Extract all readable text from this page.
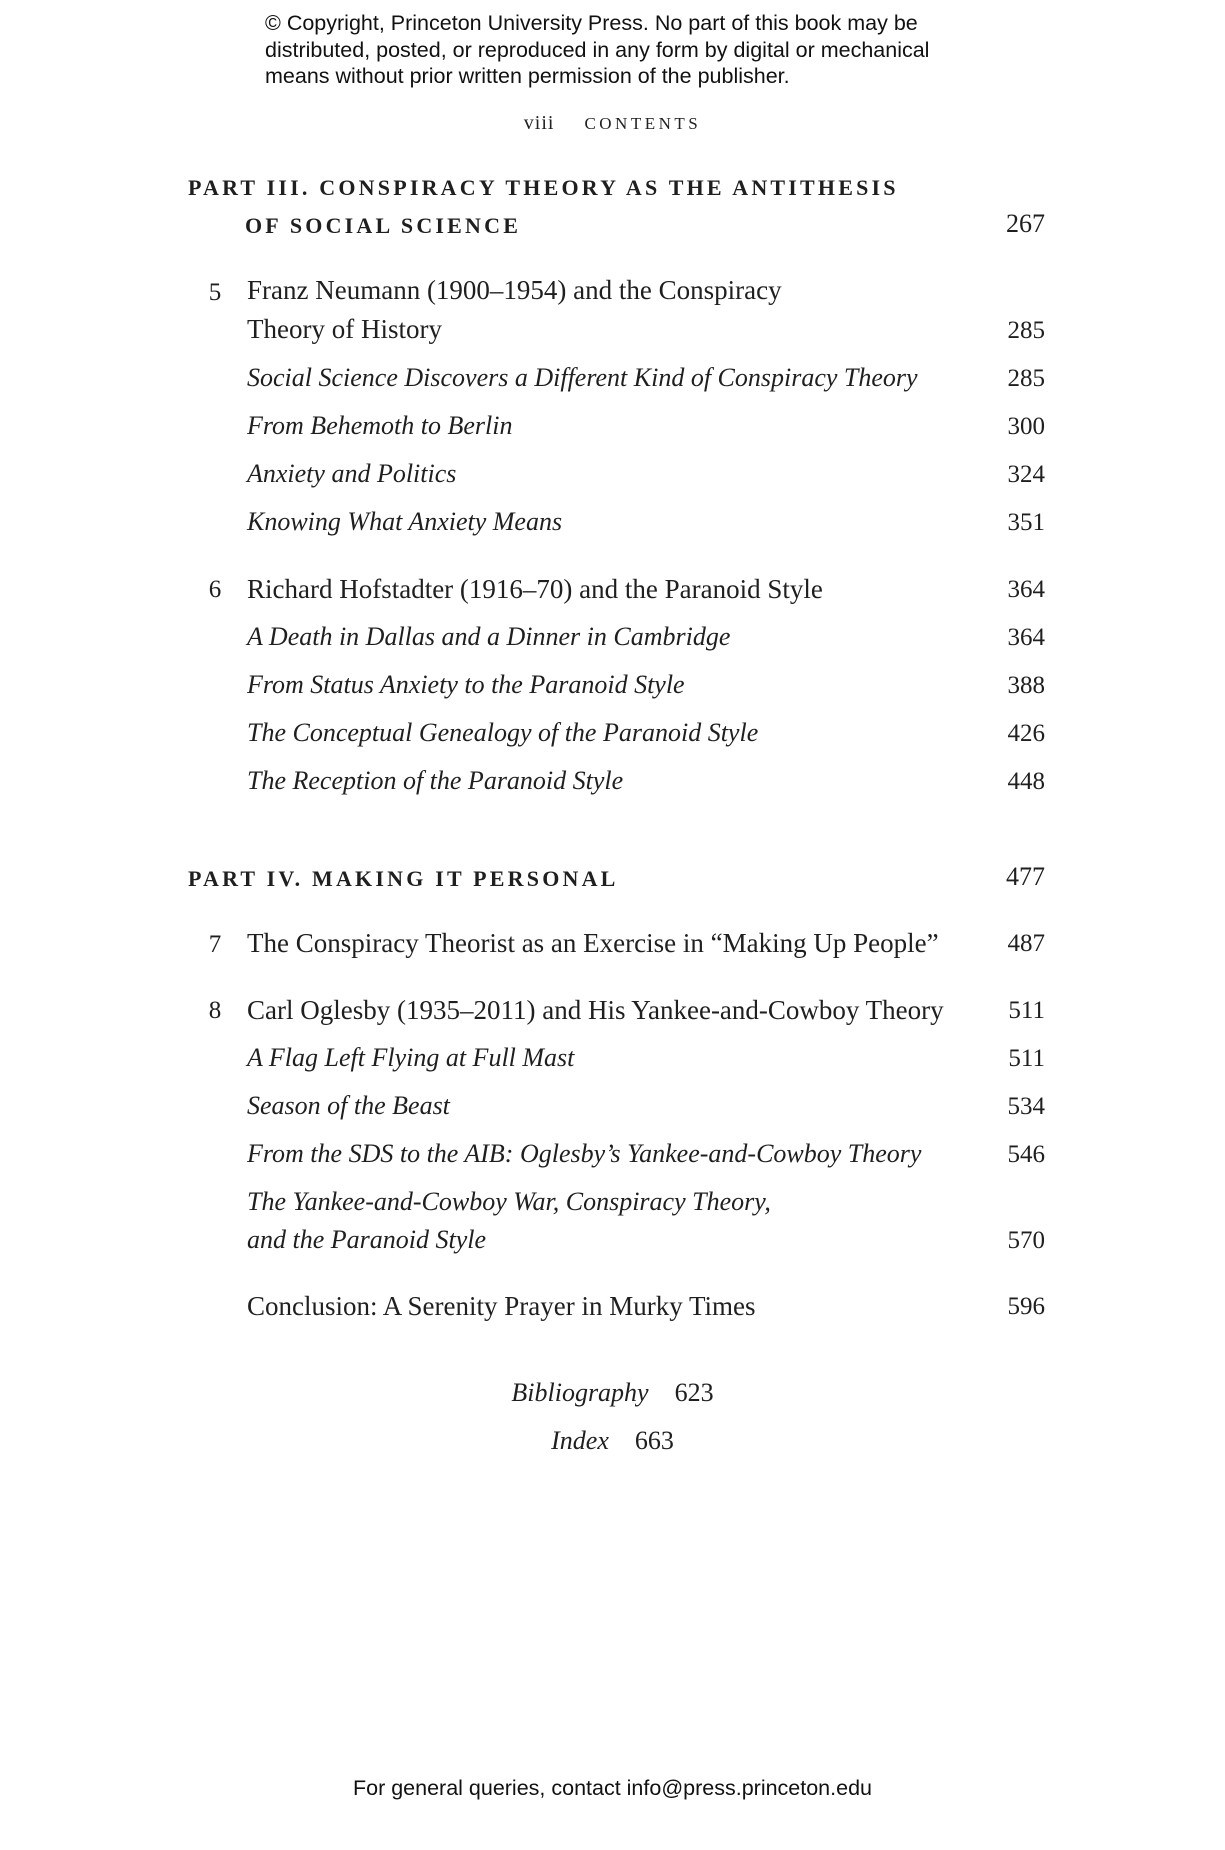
© Copyright, Princeton University Press. No part of this book may be
distributed, posted, or reproduced in any form by digital or mechanical
means without prior written permission of the publisher.
viii CONTENTS
PART III. CONSPIRACY THEORY AS THE ANTITHESIS
OF SOCIAL SCIENCE	267
5 Franz Neumann (1900–1954) and the Conspiracy
Theory of History	285
Social Science Discovers a Different Kind of Conspiracy Theory	285
From Behemoth to Berlin	300
Anxiety and Politics	324
Knowing What Anxiety Means	351
6 Richard Hofstadter (1916–70) and the Paranoid Style	364
A Death in Dallas and a Dinner in Cambridge	364
From Status Anxiety to the Paranoid Style	388
The Conceptual Genealogy of the Paranoid Style	426
The Reception of the Paranoid Style	448
PART IV. MAKING IT PERSONAL	477
7 The Conspiracy Theorist as an Exercise in “Making Up People”	487
8 Carl Oglesby (1935–2011) and His Yankee-and-Cowboy Theory	511
A Flag Left Flying at Full Mast	511
Season of the Beast	534
From the SDS to the AIB: Oglesby’s Yankee-and-Cowboy Theory	546
The Yankee-and-Cowboy War, Conspiracy Theory,
and the Paranoid Style	570
Conclusion: A Serenity Prayer in Murky Times	596
Bibliography 623
Index 663
For general queries, contact info@press.princeton.edu
